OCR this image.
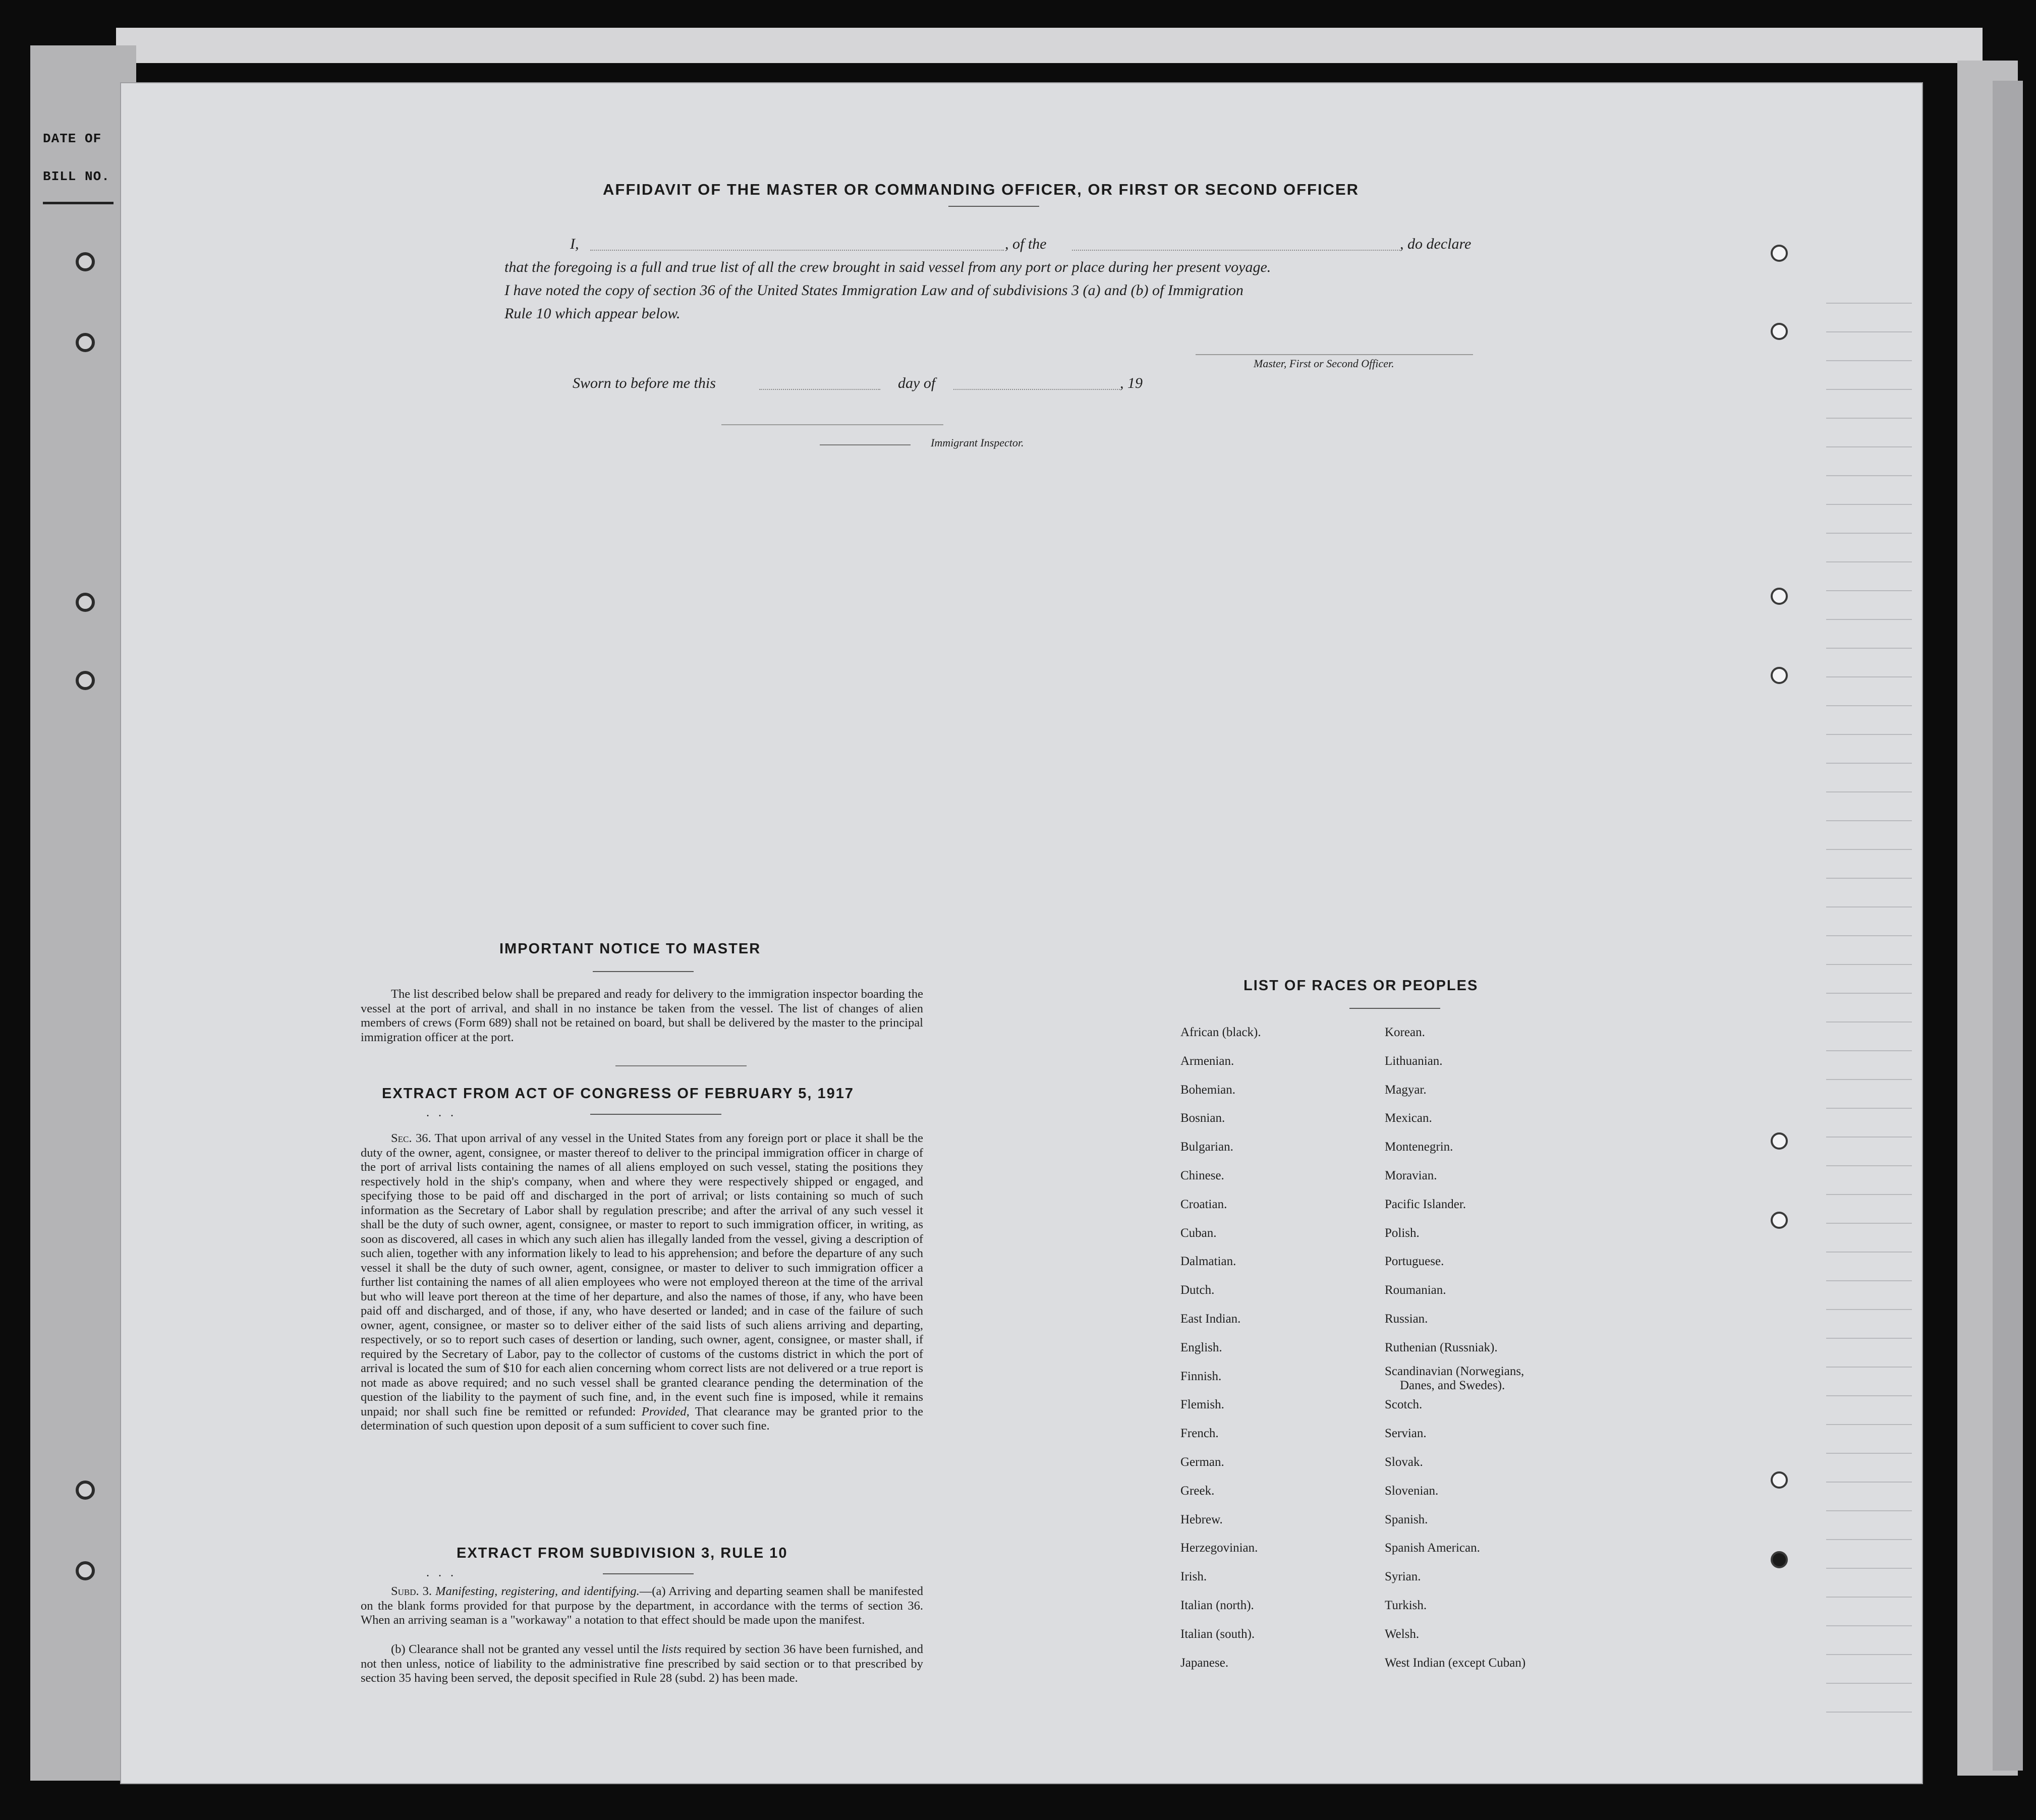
DATE OF
BILL NO.
AFFIDAVIT OF THE MASTER OR COMMANDING OFFICER, OR FIRST OR SECOND OFFICER
I,	, of the	, do declare
that the foregoing is a full and true list of all the crew brought in said vessel from any port or place during her present voyage.
I have noted the copy of section 36 of the United States Immigration Law and of subdivisions 3 (a) and (b) of Immigration
Rule 10 which appear below.
Master, First or Second Officer.
Sworn to before me this	day of	, 19
Immigrant Inspector.
IMPORTANT NOTICE TO MASTER
The list described below shall be prepared and ready for delivery to the immigration inspector boarding the vessel at the port of arrival, and shall in no instance be taken from the vessel. The list of changes of alien members of crews (Form 689) shall not be retained on board, but shall be delivered by the master to the principal immigration officer at the port.
EXTRACT FROM ACT OF CONGRESS OF FEBRUARY 5, 1917
. . .
Sec. 36. That upon arrival of any vessel in the United States from any foreign port or place it shall be the duty of the owner, agent, consignee, or master thereof to deliver to the principal immigration officer in charge of the port of arrival lists containing the names of all aliens employed on such vessel, stating the positions they respectively hold in the ship's company, when and where they were respectively shipped or engaged, and specifying those to be paid off and discharged in the port of arrival; or lists containing so much of such information as the Secretary of Labor shall by regulation prescribe; and after the arrival of any such vessel it shall be the duty of such owner, agent, consignee, or master to report to such immigration officer, in writing, as soon as discovered, all cases in which any such alien has illegally landed from the vessel, giving a description of such alien, together with any information likely to lead to his apprehension; and before the departure of any such vessel it shall be the duty of such owner, agent, consignee, or master to deliver to such immigration officer a further list containing the names of all alien employees who were not employed thereon at the time of the arrival but who will leave port thereon at the time of her departure, and also the names of those, if any, who have been paid off and discharged, and of those, if any, who have deserted or landed; and in case of the failure of such owner, agent, consignee, or master so to deliver either of the said lists of such aliens arriving and departing, respectively, or so to report such cases of desertion or landing, such owner, agent, consignee, or master shall, if required by the Secretary of Labor, pay to the collector of customs of the customs district in which the port of arrival is located the sum of $10 for each alien concerning whom correct lists are not delivered or a true report is not made as above required; and no such vessel shall be granted clearance pending the determination of the question of the liability to the payment of such fine, and, in the event such fine is imposed, while it remains unpaid; nor shall such fine be remitted or refunded: Provided, That clearance may be granted prior to the determination of such question upon deposit of a sum sufficient to cover such fine.
EXTRACT FROM SUBDIVISION 3, RULE 10
. . .
Subd. 3. Manifesting, registering, and identifying.—(a) Arriving and departing seamen shall be manifested on the blank forms provided for that purpose by the department, in accordance with the terms of section 36. When an arriving seaman is a "workaway" a notation to that effect should be made upon the manifest.
(b) Clearance shall not be granted any vessel until the lists required by section 36 have been furnished, and not then unless, notice of liability to the administrative fine prescribed by said section or to that prescribed by section 35 having been served, the deposit specified in Rule 28 (subd. 2) has been made.
LIST OF RACES OR PEOPLES
African (black).
Armenian.
Bohemian.
Bosnian.
Bulgarian.
Chinese.
Croatian.
Cuban.
Dalmatian.
Dutch.
East Indian.
English.
Finnish.
Flemish.
French.
German.
Greek.
Hebrew.
Herzegovinian.
Irish.
Italian (north).
Italian (south).
Japanese.
Korean.
Lithuanian.
Magyar.
Mexican.
Montenegrin.
Moravian.
Pacific Islander.
Polish.
Portuguese.
Roumanian.
Russian.
Ruthenian (Russniak).
Scandinavian (Norwegians,
Danes, and Swedes).
Scotch.
Servian.
Slovak.
Slovenian.
Spanish.
Spanish American.
Syrian.
Turkish.
Welsh.
West Indian (except Cuban)
